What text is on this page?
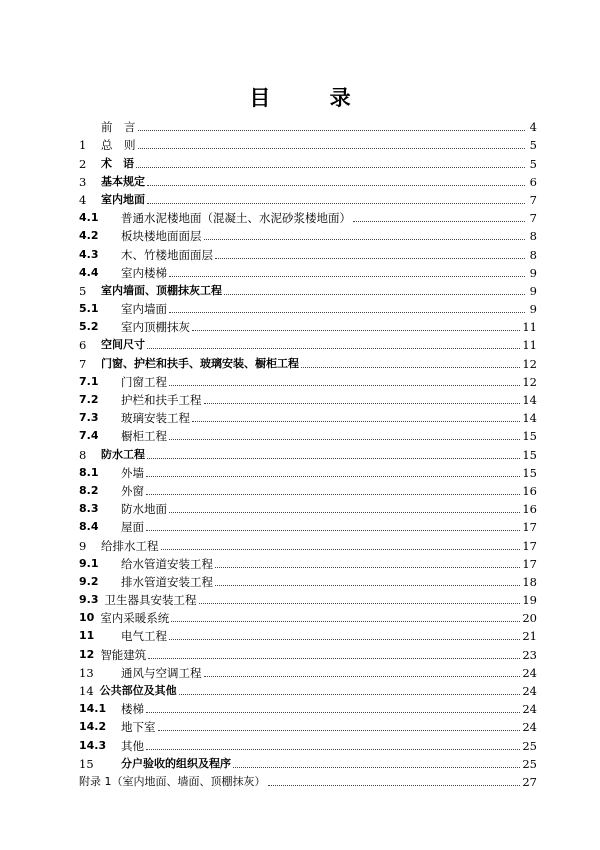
目 录
前　言	4
1	总　则	5
2	术　语	5
3	基本规定	6
4	室内地面	7
4.1	普通水泥楼地面（混凝土、水泥砂浆楼地面）	7
4.2	板块楼地面面层	8
4.3	木、竹楼地面面层	8
4.4	室内楼梯	9
5	室内墙面、顶棚抹灰工程	9
5.1	室内墙面	9
5.2	室内顶棚抹灰	11
6	空间尺寸	11
7	门窗、护栏和扶手、玻璃安装、橱柜工程	12
7.1	门窗工程	12
7.2	护栏和扶手工程	14
7.3	玻璃安装工程	14
7.4	橱柜工程	15
8	防水工程	15
8.1	外墙	15
8.2	外窗	16
8.3	防水地面	16
8.4	屋面	17
9	给排水工程	17
9.1	给水管道安装工程	17
9.2	排水管道安装工程	18
9.3 卫生器具安装工程	19
10 室内采暖系统	20
11	电气工程	21
12 智能建筑	23
13	通风与空调工程	24
14 公共部位及其他	24
14.1	楼梯	24
14.2	地下室	24
14.3	其他	25
15	分户验收的组织及程序	25
附录 1（室内地面、墙面、顶棚抹灰）	27
